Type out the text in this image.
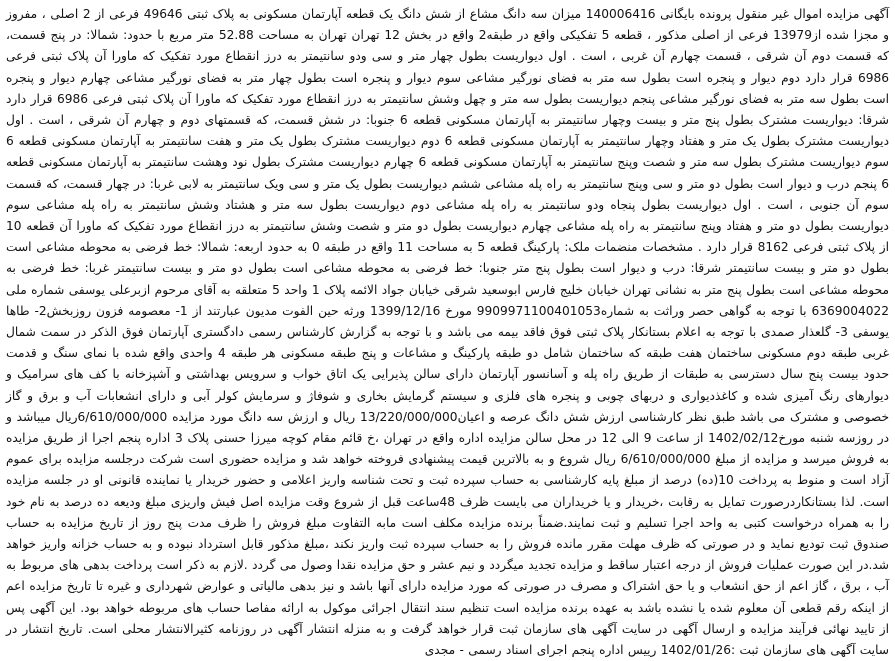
آگهی مزایده اموال غیر منقول پرونده بایگانی 140006416 میزان سه دانگ مشاع از شش دانگ یک قطعه آپارتمان مسکونی به پلاک ثبتی 49646 فرعی از 2 اصلی ، مفروز و مجزا شده از13979 فرعی از اصلی مذکور ، قطعه 5 تفکیکی واقع در طبقه2 واقع در بخش 12 تهران تهران به مساحت 52.88 متر مربع با حدود: شمالا: در پنج قسمت، که قسمت دوم آن شرقی ، قسمت چهارم آن غربی ، است . اول دیواریست بطول چهار متر و سی ودو سانتیمتر به درز انقطاع مورد تفکیک که ماورا آن پلاک ثبتی فرعی 6986 قرار دارد دوم دیوار و پنجره است بطول سه متر به فضای نورگیر مشاعی سوم دیوار و پنجره است بطول چهار متر به فضای نورگیر مشاعی چهارم دیوار و پنجره است بطول سه متر به فضای نورگیر مشاعی پنجم دیواریست بطول سه متر و چهل وشش سانتیمتر به درز انقطاع مورد تفکیک که ماورا آن پلاک ثبتی فرعی 6986 قرار دارد شرقا: دیواریست مشترک بطول پنج متر و بیست وچهار سانتیمتر به آپارتمان مسکونی قطعه 6 جنوبا: در شش قسمت، که قسمتهای دوم و چهارم آن شرقی ، است . اول دیواریست مشترک بطول یک متر و هفتاد وچهار سانتیمتر به آپارتمان مسکونی قطعه 6 دوم دیواریست مشترک بطول یک متر و هفت سانتیمتر به آپارتمان مسکونی قطعه 6 سوم دیواریست مشترک بطول سه متر و شصت وپنج سانتیمتر به آپارتمان مسکونی قطعه 6 چهارم دیواریست مشترک بطول نود وهشت سانتیمتر به آپارتمان مسکونی قطعه 6 پنجم درب و دیوار است بطول دو متر و سی وپنج سانتیمتر به راه پله مشاعی ششم دیواریست بطول یک متر و سی ویک سانتیمتر به لابی غربا: در چهار قسمت، که قسمت سوم آن جنوبی ، است . اول دیواریست بطول پنجاه ودو سانتیمتر به راه پله مشاعی دوم دیواریست بطول سه متر و هشتاد وشش سانتیمتر به راه پله مشاعی سوم دیواریست بطول دو متر و هفتاد وپنج سانتیمتر به راه پله مشاعی چهارم دیواریست بطول دو متر و شصت وشش سانتیمتر به درز انقطاع مورد تفکیک که ماورا آن قطعه 10 از پلاک ثبتی فرعی 8162 قرار دارد . مشخصات منضمات ملک: پارکینگ قطعه 5 به مساحت 11 واقع در طبقه 0 به حدود اربعه: شمالا: خط فرضی به محوطه مشاعی است بطول دو متر و بیست سانتیمتر شرقا: درب و دیوار است بطول پنج متر جنوبا: خط فرضی به محوطه مشاعی است بطول دو متر و بیست سانتیمتر غربا: خط فرضی به محوطه مشاعی است بطول پنج متر به نشانی تهران خیابان خلیج فارس ابوسعید شرقی خیابان جواد الائمه پلاک 1 واحد 5 متعلقه به آقای مرحوم ازبرعلی یوسفی شماره ملی 6369004022 با توجه به گواهی حصر وراثت به شماره9909971100401053 مورخ 1399/12/16 ورثه حین الفوت مدیون عبارتند از 1- معصومه فزون روزبخش2- طاها یوسفی 3- گلعذار صمدی با توجه به اعلام بستانکار پلاک ثبتی فوق فاقد بیمه می باشد و با توجه به گزارش کارشناس رسمی دادگستری آپارتمان فوق الذکر در سمت شمال غربی طبقه دوم مسکونی ساختمان هفت طبقه که ساختمان شامل دو طبقه پارکینگ و مشاعات و پنج طبقه مسکونی هر طبقه 4 واحدی واقع شده با نمای سنگ و قدمت حدود بیست پنج سال دسترسی به طبقات از طریق راه پله و آسانسور آپارتمان دارای سالن پذیرایی یک اتاق خواب و سرویس بهداشتی و آشپزخانه با کف های سرامیک و دیوارهای رنگ آمیزی شده و کاغذدیواری و دربهای چوبی و پنجره های فلزی و سیستم گرمایش بخاری و شوفاژ و سرمایش کولر آبی و دارای انشعابات آب و برق و گاز خصوصی و مشترک می باشد طبق نظر کارشناسی ارزش شش دانگ عرصه و اعیان13/220/000/000 ریال و ارزش سه دانگ مورد مزایده 6/610/000/000ریال میباشد و در روزسه شنبه مورخ1402/02/12 از ساعت 9 الی 12 در محل سالن مزایده اداره واقع در تهران ،خ قائم مقام کوچه میرزا حسنی پلاک 3 اداره پنجم اجرا از طریق مزایده به فروش میرسد و مزایده از مبلغ 6/610/000/000 ریال شروع و به بالاترین قیمت پیشنهادی فروخته خواهد شد و مزایده حضوری است شرکت درجلسه مزایده برای عموم آزاد است و منوط به پرداخت 10(ده) درصد از مبلغ پایه کارشناسی به حساب سپرده ثبت و تحت شناسه واریز اعلامی و حضور خریدار یا نماینده قانونی او در جلسه مزایده است. لذا بستانکاردرصورت تمایل به رقابت ،خریدار و یا خریداران می بایست ظرف 48ساعت قبل از شروع وقت مزایده اصل فیش واریزی مبلغ ودیعه ده درصد به نام خود را به همراه درخواست کتبی به واحد اجرا تسلیم و ثبت نمایند.ضمناً برنده مزایده مکلف است مابه التفاوت مبلغ فروش را ظرف مدت پنج روز از تاریخ مزایده به حساب صندوق ثبت تودیع نماید و در صورتی که ظرف مهلت مقرر مانده فروش را به حساب سپرده ثبت واریز نکند ،مبلغ مذکور قابل استرداد نبوده و به حساب خزانه واریز خواهد شد.در این صورت عملیات فروش از درجه اعتبار ساقط و مزایده تجدید میگردد و نیم عشر و حق مزایده نقدا وصول می گردد .لازم به ذکر است پرداخت بدهی های مربوط به آب ، برق ، گاز اعم از حق انشعاب و یا حق اشتراک و مصرف در صورتی که مورد مزایده دارای آنها باشد و نیز بدهی مالیاتی و عوارض شهرداری و غیره تا تاریخ مزایده اعم از اینکه رقم قطعی آن معلوم شده یا نشده باشد به عهده برنده مزایده است تنظیم سند انتقال اجرائی موکول به ارائه مفاصا حساب های مربوطه خواهد بود. این آگهی پس از تایید نهائی فرآیند مزایده و ارسال آگهی در سایت آگهی های سازمان ثبت قرار خواهد گرفت و به منزله انتشار آگهی در روزنامه کثیرالانتشار محلی است. تاریخ انتشار در سایت آگهی های سازمان ثبت :1402/01/26 رییس اداره پنجم اجرای اسناد رسمی - مجدی
